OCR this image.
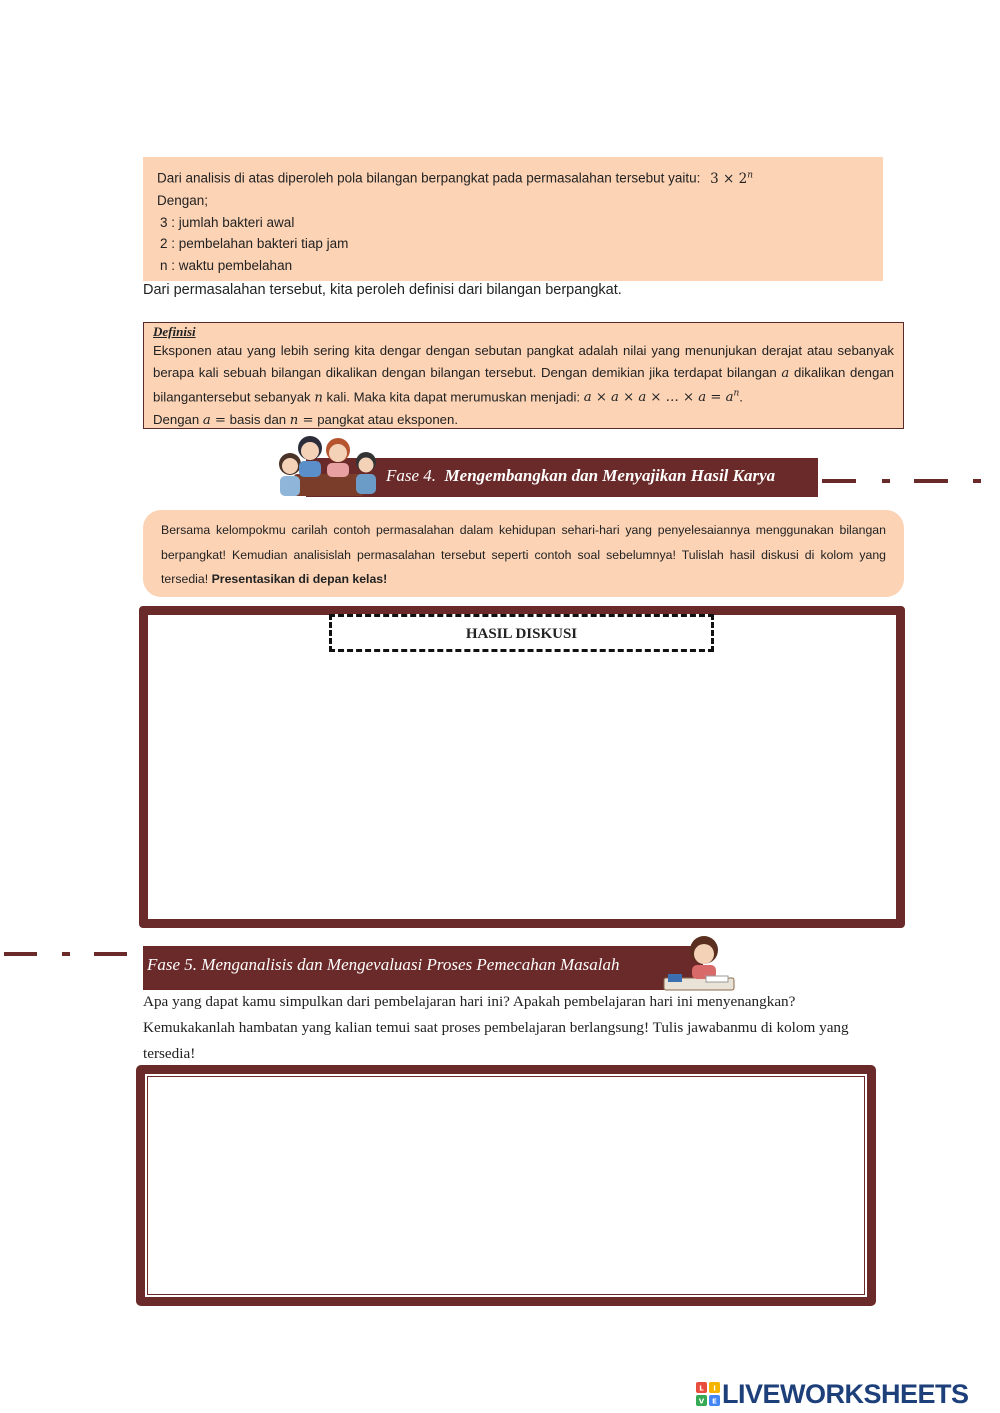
Dari analisis di atas diperoleh pola bilangan berpangkat pada permasalahan tersebut yaitu: $3 \times 2^n$
Dengan;
3 : jumlah bakteri awal
2 : pembelahan bakteri tiap jam
n : waktu pembelahan
Dari permasalahan tersebut, kita peroleh definisi dari bilangan berpangkat.
Definisi
Eksponen atau yang lebih sering kita dengar dengan sebutan pangkat adalah nilai yang menunjukan derajat atau sebanyak berapa kali sebuah bilangan dikalikan dengan bilangan tersebut. Dengan demikian jika terdapat bilangan a dikalikan dengan bilangantersebut sebanyak n kali. Maka kita dapat merumuskan menjadi: a × a × a × … × $a = a^n$.
Dengan a = basis dan n = pangkat atau eksponen.
Fase 4. Mengembangkan dan Menyajikan Hasil Karya
Bersama kelompokmu carilah contoh permasalahan dalam kehidupan sehari-hari yang penyelesaiannya menggunakan bilangan berpangkat! Kemudian analisislah permasalahan tersebut seperti contoh soal sebelumnya! Tulislah hasil diskusi di kolom yang tersedia! Presentasikan di depan kelas!
HASIL DISKUSI
Fase 5. Menganalisis dan Mengevaluasi Proses Pemecahan Masalah
Apa yang dapat kamu simpulkan dari pembelajaran hari ini? Apakah pembelajaran hari ini menyenangkan? Kemukakanlah hambatan yang kalian temui saat proses pembelajaran berlangsung! Tulis jawabanmu di kolom yang tersedia!
L I
V E LIVEWORKSHEETS
